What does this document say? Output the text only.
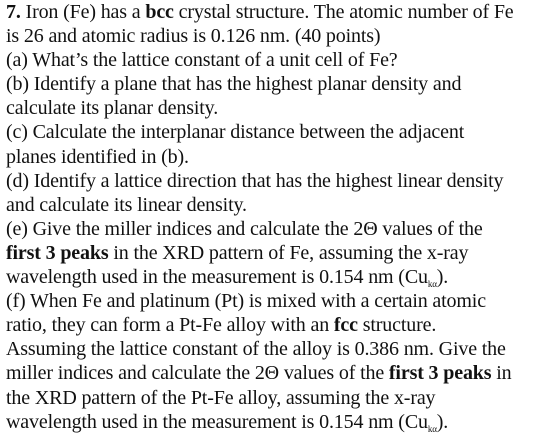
7. Iron (Fe) has a bcc crystal structure. The atomic number of Fe
is 26 and atomic radius is 0.126 nm. (40 points)
(a) What’s the lattice constant of a unit cell of Fe?
(b) Identify a plane that has the highest planar density and
calculate its planar density.
(c) Calculate the interplanar distance between the adjacent
planes identified in (b).
(d) Identify a lattice direction that has the highest linear density
and calculate its linear density.
(e) Give the miller indices and calculate the 2Θ values of the
first 3 peaks in the XRD pattern of Fe, assuming the x-ray
wavelength used in the measurement is 0.154 nm $(Cu_{k\alpha})$.
(f) When Fe and platinum (Pt) is mixed with a certain atomic
ratio, they can form a Pt-Fe alloy with an fcc structure.
Assuming the lattice constant of the alloy is 0.386 nm. Give the
miller indices and calculate the 2Θ values of the first 3 peaks in
the XRD pattern of the Pt-Fe alloy, assuming the x-ray
wavelength used in the measurement is 0.154 nm $(Cu_{k\alpha})$.
